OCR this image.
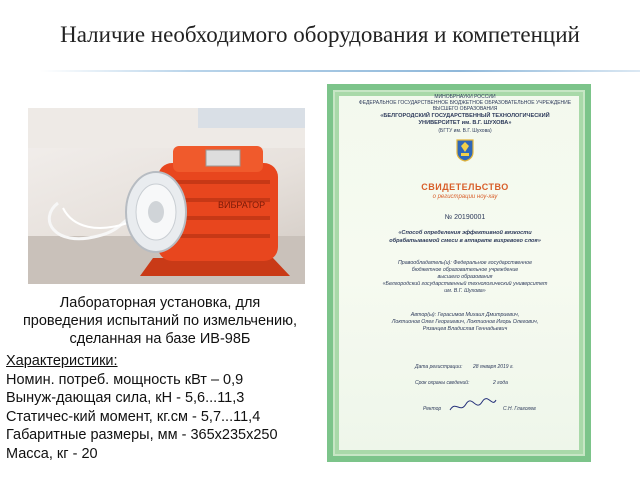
Наличие необходимого оборудования и компетенций
ВИБРАТОР
Лабораторная установка, для
проведения испытаний по измельчению,
сделанная на базе ИВ-98Б
Характеристики:
Номин. потреб. мощность кВт – 0,9
Вынуж-дающая сила, кН - 5,6...11,3
Статичес-кий момент, кг.см - 5,7...11,4
Габаритные размеры, мм - 365х235х250
Масса, кг - 20
МИНОБРНАУКИ РОССИИ
ФЕДЕРАЛЬНОЕ ГОСУДАРСТВЕННОЕ БЮДЖЕТНОЕ ОБРАЗОВАТЕЛЬНОЕ УЧРЕЖДЕНИЕ
ВЫСШЕГО ОБРАЗОВАНИЯ
«БЕЛГОРОДСКИЙ ГОСУДАРСТВЕННЫЙ ТЕХНОЛОГИЧЕСКИЙ
УНИВЕРСИТЕТ им. В.Г. ШУХОВА»
(БГТУ им. В.Г. Шухова)
СВИДЕТЕЛЬСТВО
о регистрации ноу-хау
№ 20190001
«Способ определения эффективной вязкости
обрабатываемой смеси в аппарате вихревого слоя»
Правообладатель(и): Федеральное государственное
бюджетное образовательное учреждение
высшего образования
«Белгородский государственный технологический университет
им. В.Г. Шухова»
Автор(ы): Герасимов Михаил Дмитриевич,
Локтионов Олег Георгиевич, Локтионов Игорь Олегович,
Рязанцев Владислав Геннадьевич
Дата регистрации: 28 января 2019 г.
Срок охраны сведений:	2 года
Ректор	С.Н. Глаголев
